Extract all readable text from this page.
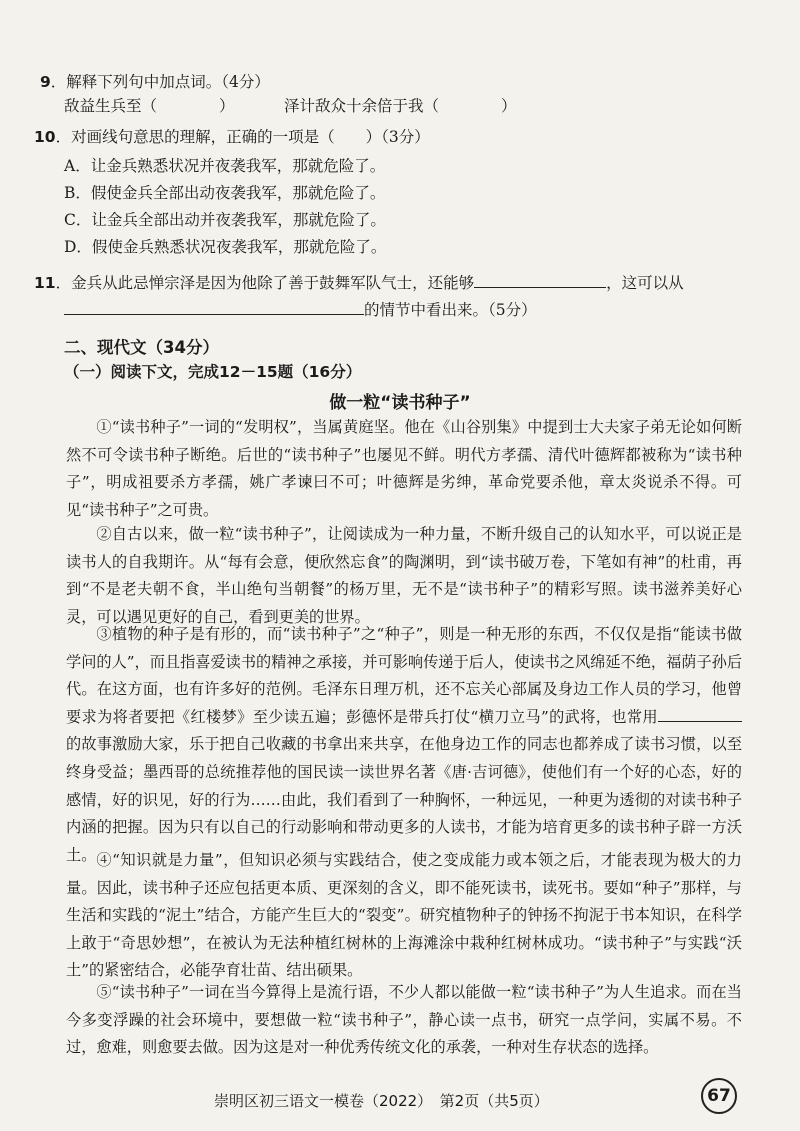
9．解释下列句中加点词。（4分）
敌益生兵至（　　　　）	泽计敌众十余倍于我（　　　　）
10．对画线句意思的理解，正确的一项是（　　）（3分）
A．让金兵熟悉状况并夜袭我军，那就危险了。
B．假使金兵全部出动夜袭我军，那就危险了。
C．让金兵全部出动并夜袭我军，那就危险了。
D．假使金兵熟悉状况夜袭我军，那就危险了。
11．金兵从此忌惮宗泽是因为他除了善于鼓舞军队气士，还能够	，这可以从
的情节中看出来。（5分）
二、现代文（34分）
（一）阅读下文，完成12－15题（16分）
做一粒“读书种子”
①“读书种子”一词的“发明权”，当属黄庭坚。他在《山谷别集》中提到士大夫家子弟无论如何断然不可令读书种子断绝。后世的“读书种子”也屡见不鲜。明代方孝孺、清代叶德辉都被称为“读书种子”，明成祖要杀方孝孺，姚广孝谏曰不可；叶德辉是劣绅，革命党要杀他，章太炎说杀不得。可见“读书种子”之可贵。
②自古以来，做一粒“读书种子”，让阅读成为一种力量，不断升级自己的认知水平，可以说正是读书人的自我期许。从“每有会意，便欣然忘食”的陶渊明，到“读书破万卷，下笔如有神”的杜甫，再到“不是老夫朝不食，半山绝句当朝餐”的杨万里，无不是“读书种子”的精彩写照。读书滋养美好心灵，可以遇见更好的自己，看到更美的世界。
③植物的种子是有形的，而“读书种子”之“种子”，则是一种无形的东西，不仅仅是指“能读书做学问的人”，而且指喜爱读书的精神之承接，并可影响传递于后人，使读书之风绵延不绝，福荫子孙后代。在这方面，也有许多好的范例。毛泽东日理万机，还不忘关心部属及身边工作人员的学习，他曾要求为将者要把《红楼梦》至少读五遍；彭德怀是带兵打仗“横刀立马”的武将，也常用的故事激励大家，乐于把自己收藏的书拿出来共享，在他身边工作的同志也都养成了读书习惯，以至终身受益；墨西哥的总统推荐他的国民读一读世界名著《唐·吉诃德》，使他们有一个好的心态，好的感情，好的识见，好的行为……由此，我们看到了一种胸怀，一种远见，一种更为透彻的对读书种子内涵的把握。因为只有以自己的行动影响和带动更多的人读书，才能为培育更多的读书种子辟一方沃土。 ④“知识就是力量”，但知识必须与实践结合，使之变成能力或本领之后，才能表现为极大的力量。因此，读书种子还应包括更本质、更深刻的含义，即不能死读书，读死书。要如“种子”那样，与生活和实践的“泥土”结合，方能产生巨大的“裂变”。研究植物种子的钟扬不拘泥于书本知识，在科学上敢于“奇思妙想”，在被认为无法种植红树林的上海滩涂中栽种红树林成功。“读书种子”与实践“沃土”的紧密结合，必能孕育壮苗、结出硕果。
⑤“读书种子”一词在当今算得上是流行语，不少人都以能做一粒“读书种子”为人生追求。而在当今多变浮躁的社会环境中，要想做一粒“读书种子”，静心读一点书，研究一点学问，实属不易。不过，愈难，则愈要去做。因为这是对一种优秀传统文化的承袭，一种对生存状态的选择。
崇明区初三语文一模卷（2022）　第2页（共5页）	67
